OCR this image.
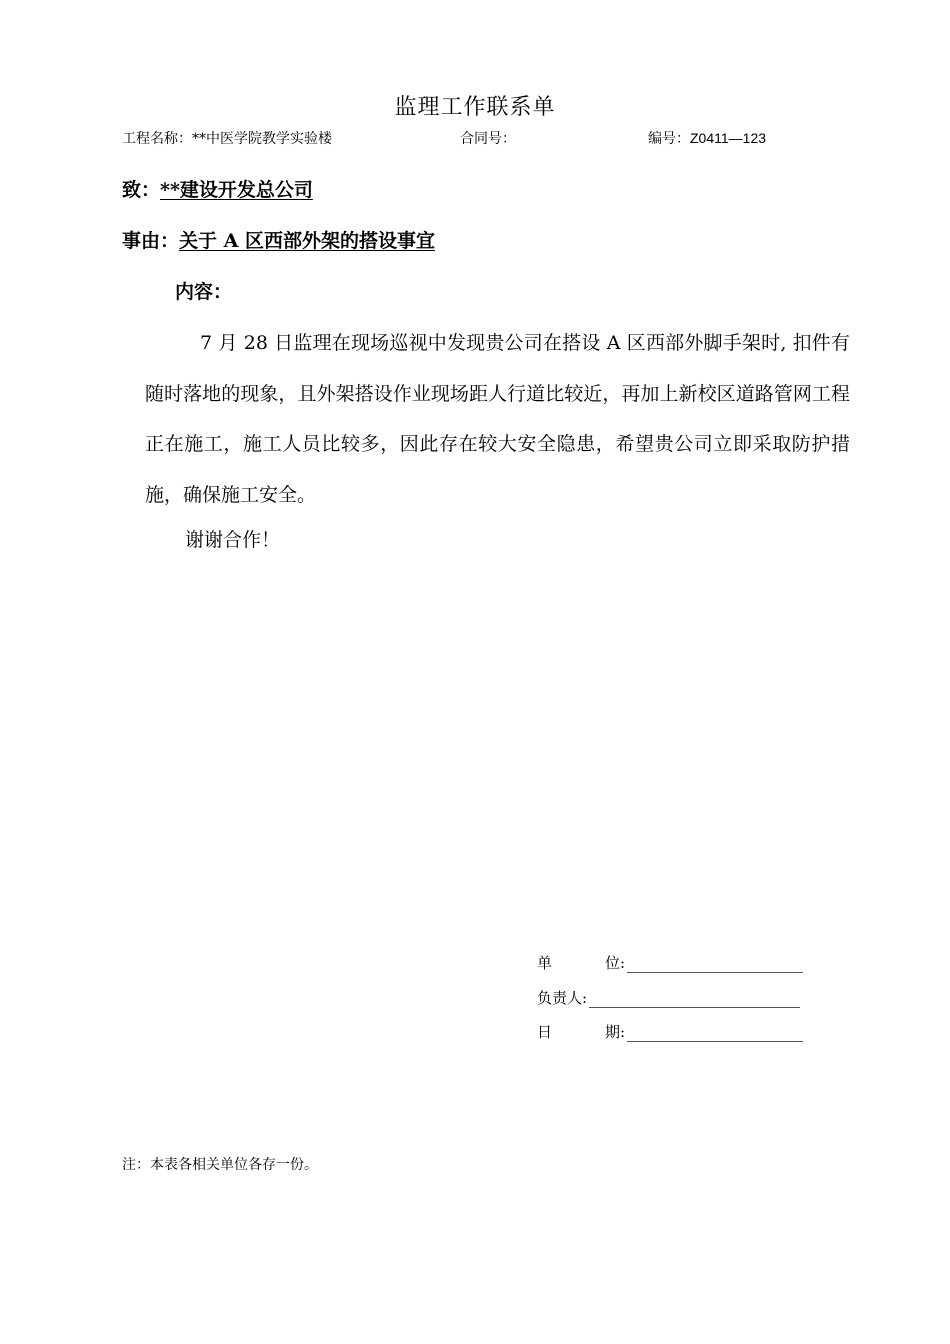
监理工作联系单
工程名称：**中医学院教学实验楼	合同号：	编号：Z0411—123
致：**建设开发总公司
事由：关于 A 区西部外架的搭设事宜
内容：
7 月 28 日监理在现场巡视中发现贵公司在搭设 A 区西部外脚手架时, 扣件有随时落地的现象，且外架搭设作业现场距人行道比较近，再加上新校区道路管网工程正在施工，施工人员比较多，因此存在较大安全隐患，希望贵公司立即采取防护措施，确保施工安全。
谢谢合作！
单	位:
负责人:
日	期:
注：本表各相关单位各存一份。
